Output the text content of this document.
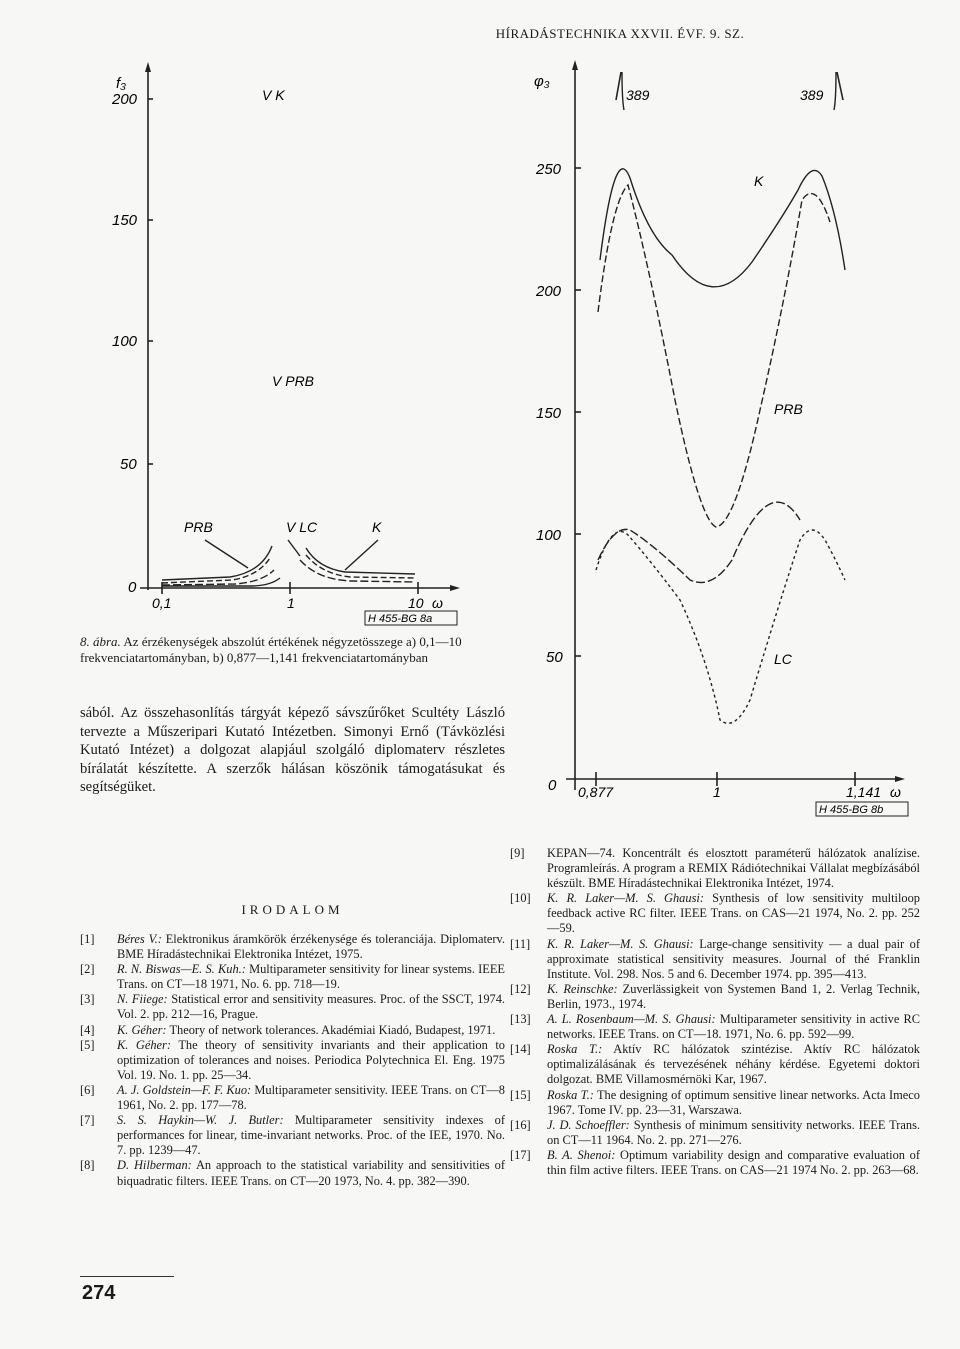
HÍRADÁSTECHNIKA XXVII. ÉVF. 9. SZ.
f₃
200
150
100
50
0
0,1	1	10 ω
V K
V PRB
PRB	V LC	K
H 455-BG 8a
φ₃
250
200
150
100
50
0 0,877	1	1,141 ω
389	389
K
PRB
LC
H 455-BG 8b
8. ábra. Az érzékenységek abszolút értékének négyzetösszege a) 0,1—10 frekvenciatartományban, b) 0,877—1,141 frekvenciatartományban

sából. Az összehasonlítás tárgyát képező sávszűrőket Scultéty László tervezte a Műszeripari Kutató Intézetben. Simonyi Ernő (Távközlési Kutató Intézet) a dolgozat alapjául szolgáló diplomaterv részletes bírálatát készítette. A szerzők hálásan köszönik támogatásukat és segítségüket.

IRODALOM
[1] Béres V.: Elektronikus áramkörök érzékenysége és toleranciája. Diplomaterv. BME Híradástechnikai Elektronika Intézet, 1975.
[2] R. N. Biswas—E. S. Kuh.: Multiparameter sensitivity for linear systems. IEEE Trans. on CT—18 1971, No. 6. pp. 718—19.
[3] N. Fiiege: Statistical error and sensitivity measures. Proc. of the SSCT, 1974. Vol. 2. pp. 212—16, Prague.
[4] K. Géher: Theory of network tolerances. Akadémiai Kiadó, Budapest, 1971.
[5] K. Géher: The theory of sensitivity invariants and their application to optimization of tolerances and noises. Periodica Polytechnica El. Eng. 1975 Vol. 19. No. 1. pp. 25—34.
[6] A. J. Goldstein—F. F. Kuo: Multiparameter sensitivity. IEEE Trans. on CT—8 1961, No. 2. pp. 177—78.
[7] S. S. Haykin—W. J. Butler: Multiparameter sensitivity indexes of performances for linear, time-invariant networks. Proc. of the IEE, 1970. No. 7. pp. 1239—47.
[8] D. Hilberman: An approach to the statistical variability and sensitivities of biquadratic filters. IEEE Trans. on CT—20 1973, No. 4. pp. 382—390.
[9] KEPAN—74. Koncentrált és elosztott paraméterű hálózatok analízise. Programleírás. A program a REMIX Rádiótechnikai Vállalat megbízásából készült. BME Híradástechnikai Elektronika Intézet, 1974.
[10] K. R. Laker—M. S. Ghausi: Synthesis of low sensitivity multiloop feedback active RC filter. IEEE Trans. on CAS—21 1974, No. 2. pp. 252—59.
[11] K. R. Laker—M. S. Ghausi: Large-change sensitivity — a dual pair of approximate statistical sensitivity measures. Journal of thé Franklin Institute. Vol. 298. Nos. 5 and 6. December 1974. pp. 395—413.
[12] K. Reinschke: Zuverlässigkeit von Systemen Band 1, 2. Verlag Technik, Berlin, 1973., 1974.
[13] A. L. Rosenbaum—M. S. Ghausi: Multiparameter sensitivity in active RC networks. IEEE Trans. on CT—18. 1971, No. 6. pp. 592—99.
[14] Roska T.: Aktív RC hálózatok szintézise. Aktív RC hálózatok optimalizálásának és tervezésének néhány kérdése. Egyetemi doktori dolgozat. BME Villamosmérnöki Kar, 1967.
[15] Roska T.: The designing of optimum sensitive linear networks. Acta Imeco 1967. Tome IV. pp. 23—31, Warszawa.
[16] J. D. Schoeffler: Synthesis of minimum sensitivity networks. IEEE Trans. on CT—11 1964. No. 2. pp. 271—276.
[17] B. A. Shenoi: Optimum variability design and comparative evaluation of thin film active filters. IEEE Trans. on CAS—21 1974 No. 2. pp. 263—68.
274
